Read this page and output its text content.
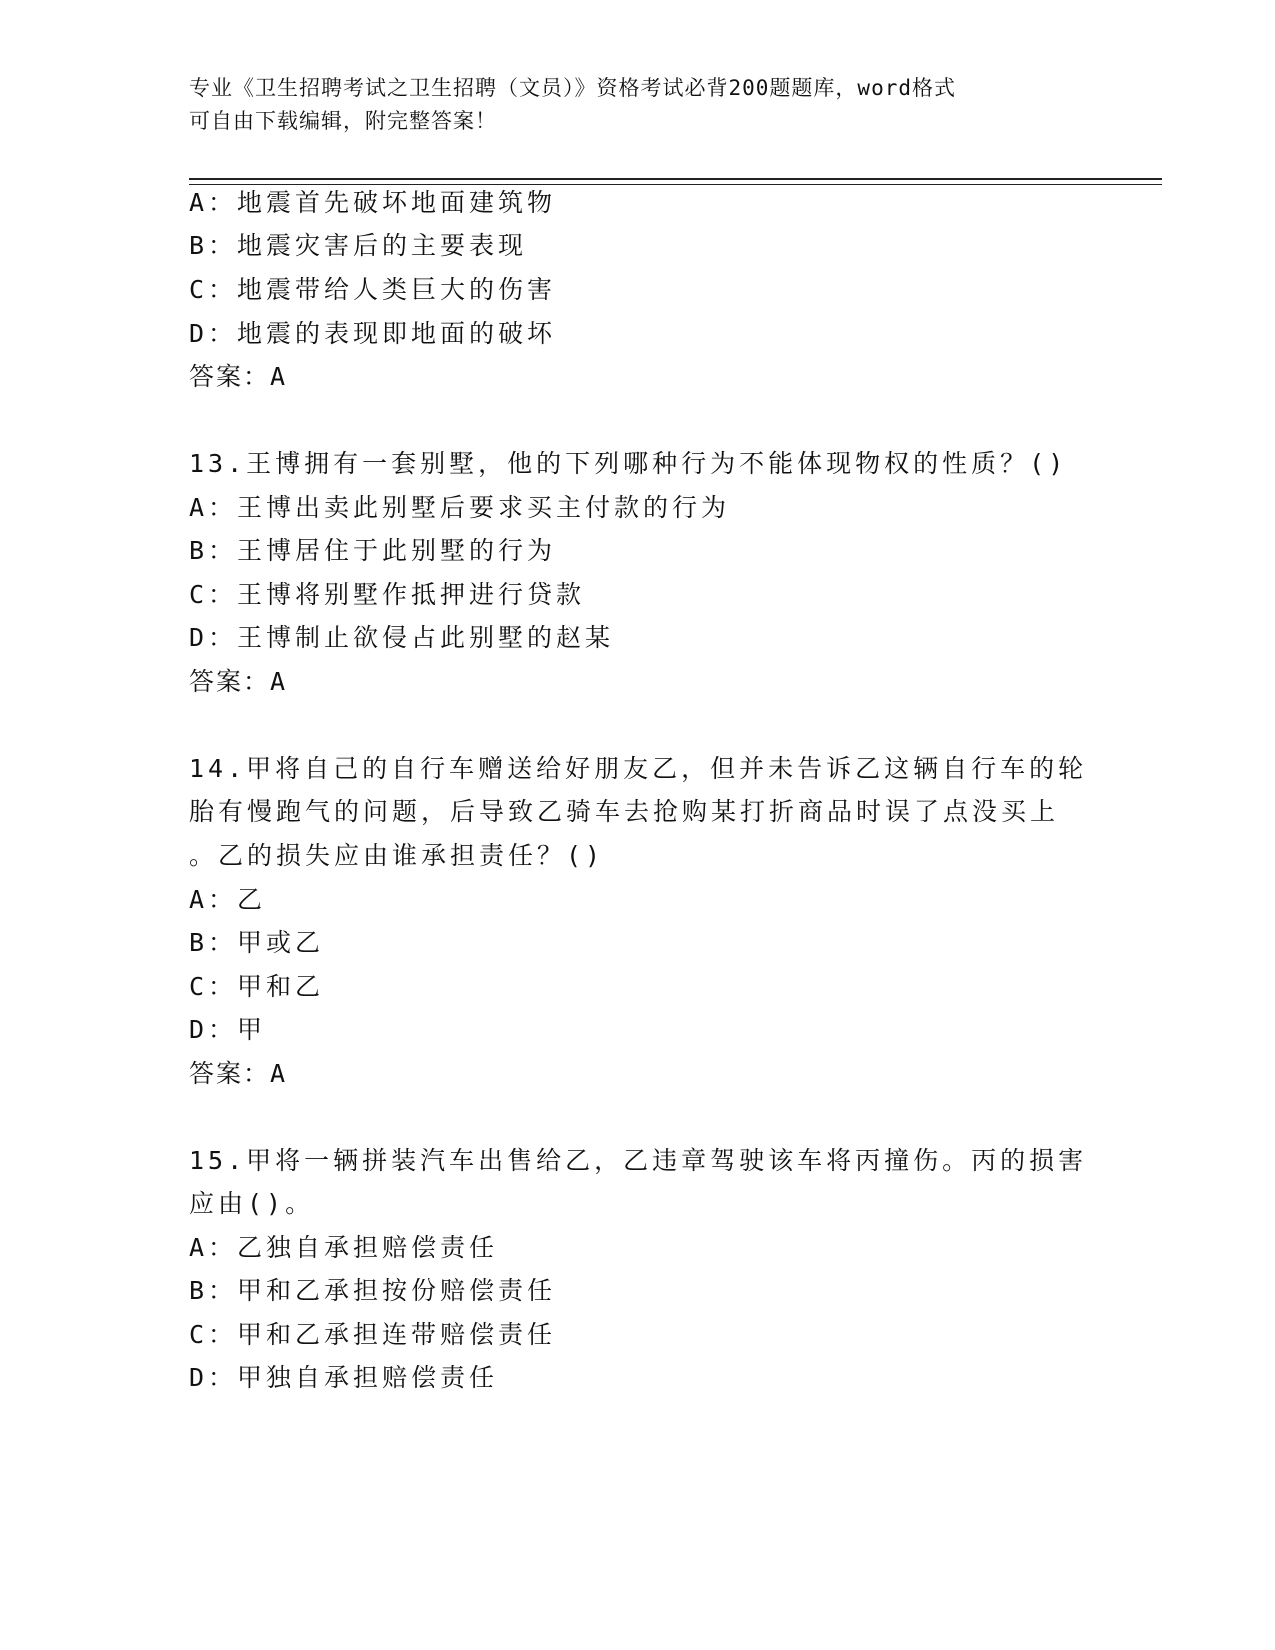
专业《卫生招聘考试之卫生招聘（文员）》资格考试必背200题题库，word格式
可自由下载编辑，附完整答案！
A：地震首先破坏地面建筑物
B：地震灾害后的主要表现
C：地震带给人类巨大的伤害
D：地震的表现即地面的破坏
答案：A
13.王博拥有一套别墅，他的下列哪种行为不能体现物权的性质？()
A：王博出卖此别墅后要求买主付款的行为
B：王博居住于此别墅的行为
C：王博将别墅作抵押进行贷款
D：王博制止欲侵占此别墅的赵某
答案：A
14.甲将自己的自行车赠送给好朋友乙，但并未告诉乙这辆自行车的轮
胎有慢跑气的问题，后导致乙骑车去抢购某打折商品时误了点没买上
。乙的损失应由谁承担责任？()
A：乙
B：甲或乙
C：甲和乙
D：甲
答案：A
15.甲将一辆拼装汽车出售给乙，乙违章驾驶该车将丙撞伤。丙的损害
应由()。
A：乙独自承担赔偿责任
B：甲和乙承担按份赔偿责任
C：甲和乙承担连带赔偿责任
D：甲独自承担赔偿责任
